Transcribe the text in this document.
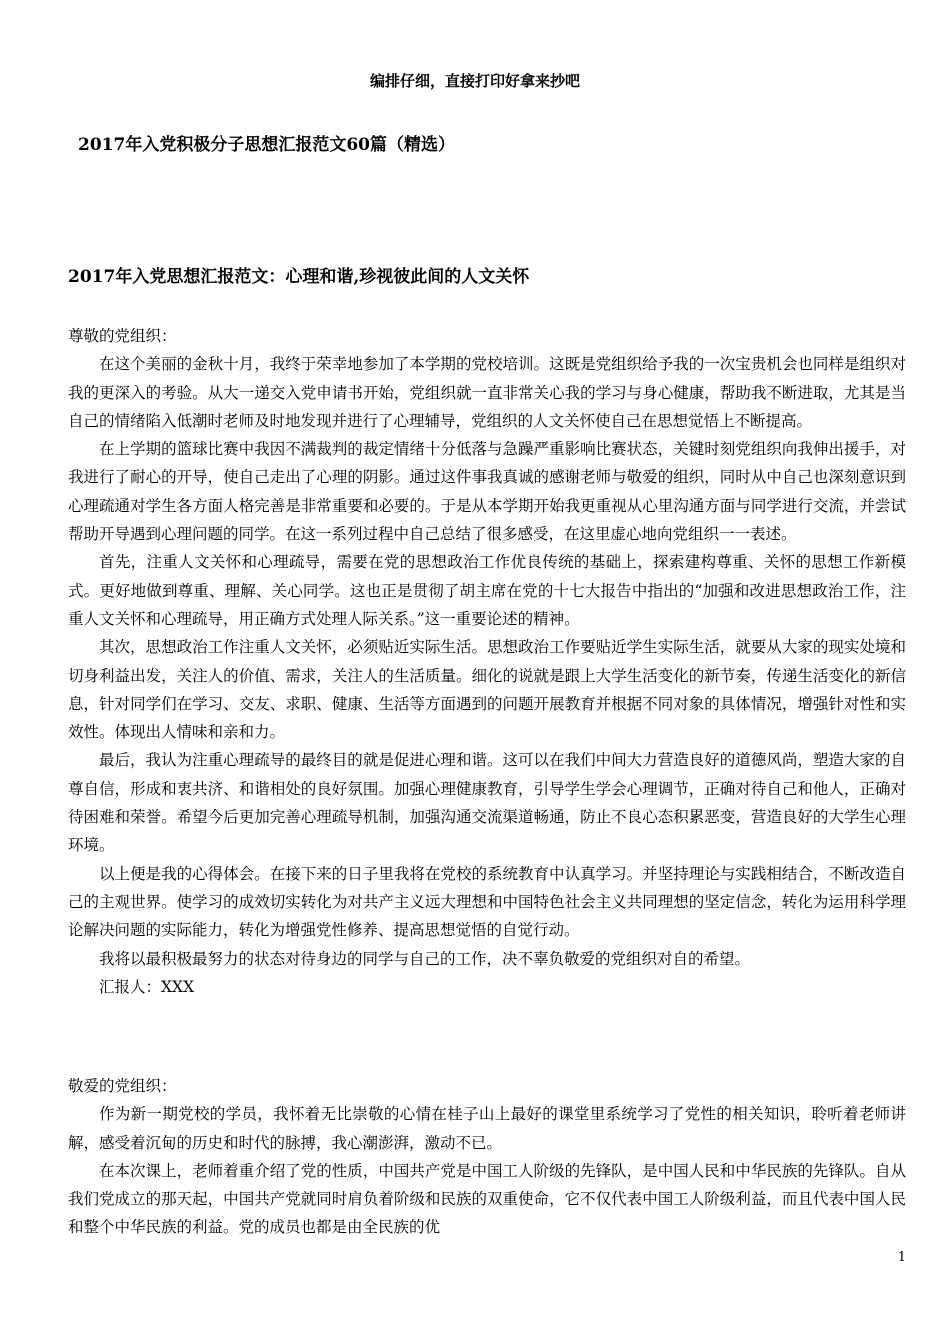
编排仔细，直接打印好拿来抄吧
2017年入党积极分子思想汇报范文60篇（精选）
2017年入党思想汇报范文：心理和谐,珍视彼此间的人文关怀

尊敬的党组织：

在这个美丽的金秋十月，我终于荣幸地参加了本学期的党校培训。这既是党组织给予我的一次宝贵机会也同样是组织对我的更深入的考验。从大一递交入党申请书开始，党组织就一直非常关心我的学习与身心健康，帮助我不断进取，尤其是当自己的情绪陷入低潮时老师及时地发现并进行了心理辅导，党组织的人文关怀使自己在思想觉悟上不断提高。

在上学期的篮球比赛中我因不满裁判的裁定情绪十分低落与急躁严重影响比赛状态，关键时刻党组织向我伸出援手，对我进行了耐心的开导，使自己走出了心理的阴影。通过这件事我真诚的感谢老师与敬爱的组织，同时从中自己也深刻意识到心理疏通对学生各方面人格完善是非常重要和必要的。于是从本学期开始我更重视从心里沟通方面与同学进行交流，并尝试帮助开导遇到心理问题的同学。在这一系列过程中自己总结了很多感受，在这里虚心地向党组织一一表述。

首先，注重人文关怀和心理疏导，需要在党的思想政治工作优良传统的基础上，探索建构尊重、关怀的思想工作新模式。更好地做到尊重、理解、关心同学。这也正是贯彻了胡主席在党的十七大报告中指出的“加强和改进思想政治工作，注重人文关怀和心理疏导，用正确方式处理人际关系。”这一重要论述的精神。

其次，思想政治工作注重人文关怀，必须贴近实际生活。思想政治工作要贴近学生实际生活，就要从大家的现实处境和切身利益出发，关注人的价值、需求，关注人的生活质量。细化的说就是跟上大学生活变化的新节奏，传递生活变化的新信息，针对同学们在学习、交友、求职、健康、生活等方面遇到的问题开展教育并根据不同对象的具体情况，增强针对性和实效性。体现出人情味和亲和力。

最后，我认为注重心理疏导的最终目的就是促进心理和谐。这可以在我们中间大力营造良好的道德风尚，塑造大家的自尊自信，形成和衷共济、和谐相处的良好氛围。加强心理健康教育，引导学生学会心理调节，正确对待自己和他人，正确对待困难和荣誉。希望今后更加完善心理疏导机制，加强沟通交流渠道畅通，防止不良心态积累恶变，营造良好的大学生心理环境。

以上便是我的心得体会。在接下来的日子里我将在党校的系统教育中认真学习。并坚持理论与实践相结合，不断改造自己的主观世界。使学习的成效切实转化为对共产主义远大理想和中国特色社会主义共同理想的坚定信念，转化为运用科学理论解决问题的实际能力，转化为增强党性修养、提高思想觉悟的自觉行动。

我将以最积极最努力的状态对待身边的同学与自己的工作，决不辜负敬爱的党组织对自的希望。

汇报人：XXX

敬爱的党组织：

作为新一期党校的学员，我怀着无比崇敬的心情在桂子山上最好的课堂里系统学习了党性的相关知识，聆听着老师讲解，感受着沉甸的历史和时代的脉搏，我心潮澎湃，激动不已。

在本次课上，老师着重介绍了党的性质，中国共产党是中国工人阶级的先锋队，是中国人民和中华民族的先锋队。自从我们党成立的那天起，中国共产党就同时肩负着阶级和民族的双重使命，它不仅代表中国工人阶级利益，而且代表中国人民和整个中华民族的利益。党的成员也都是由全民族的优

1
